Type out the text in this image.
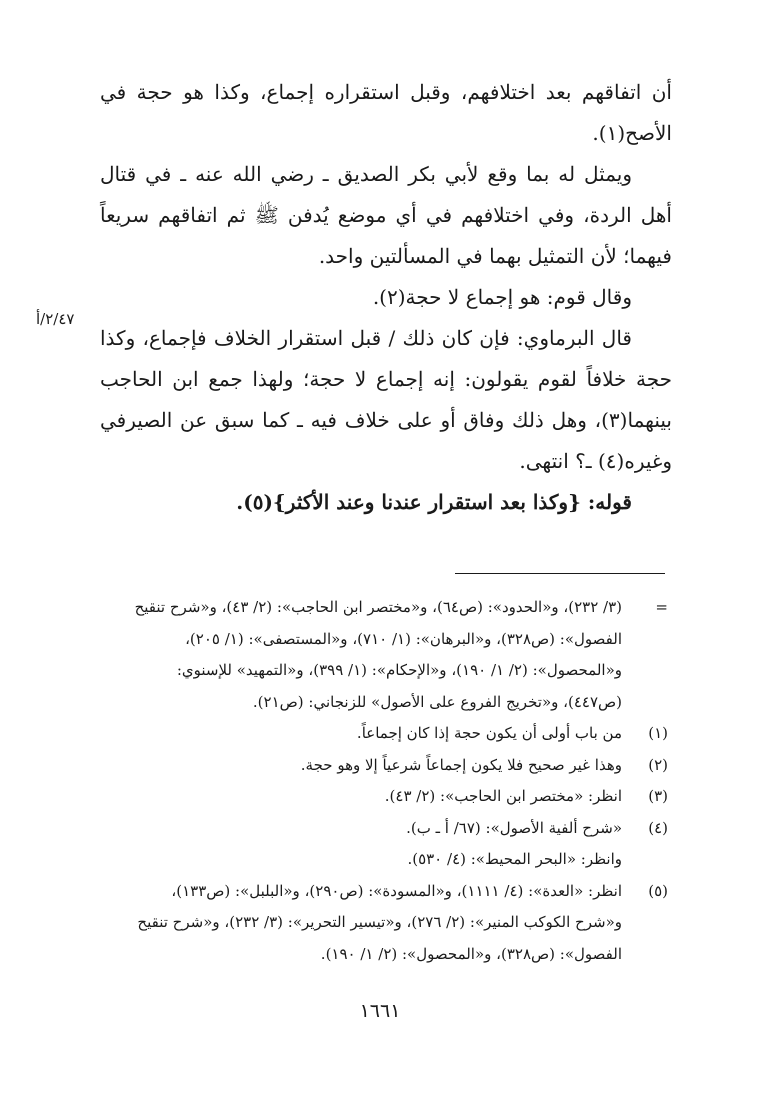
أن اتفاقهم بعد اختلافهم، وقبل استقراره إجماع، وكذا هو حجة في الأصح(١).

ويمثل له بما وقع لأبي بكر الصديق ـ رضي الله عنه ـ في قتال أهل الردة، وفي اختلافهم في أي موضع يُدفن ﷺ ثم اتفاقهم سريعاً فيهما؛ لأن التمثيل بهما في المسألتين واحد.

وقال قوم: هو إجماع لا حجة(٢).

قال البرماوي: فإن كان ذلك / قبل استقرار الخلاف فإجماع، وكذا حجة خلافاً لقوم يقولون: إنه إجماع لا حجة؛ ولهذا جمع ابن الحاجب بينهما(٣)، وهل ذلك وفاق أو على خلاف فيه ـ كما سبق عن الصيرفي وغيره(٤) ـ؟ انتهى.

قوله: {وكذا بعد استقرار عندنا وعند الأكثر}(٥).

٢/٤٧/أ
=
(٣/ ٢٣٢)، و«الحدود»: (ص٦٤)، و«مختصر ابن الحاجب»: (٢/ ٤٣)، و«شرح تنقيح
الفصول»: (ص٣٢٨)، و«البرهان»: (١/ ٧١٠)، و«المستصفى»: (١/ ٢٠٥)،
و«المحصول»: (٢/ ١/ ١٩٠)، و«الإحكام»: (١/ ٣٩٩)، و«التمهيد» للإسنوي:
(ص٤٤٧)، و«تخريج الفروع على الأصول» للزنجاني: (ص٢١).
(١)
من باب أولى أن يكون حجة إذا كان إجماعاً.
(٢)
وهذا غير صحيح فلا يكون إجماعاً شرعياً إلا وهو حجة.
(٣)
انظر: «مختصر ابن الحاجب»: (٢/ ٤٣).
(٤)
«شرح ألفية الأصول»: (٦٧/ أ ـ ب).
وانظر: «البحر المحيط»: (٤/ ٥٣٠).
(٥)
انظر: «العدة»: (٤/ ١١١١)، و«المسودة»: (ص٢٩٠)، و«البلبل»: (ص١٣٣)،
و«شرح الكوكب المنير»: (٢/ ٢٧٦)، و«تيسير التحرير»: (٣/ ٢٣٢)، و«شرح تنقيح
الفصول»: (ص٣٢٨)، و«المحصول»: (٢/ ١/ ١٩٠).
١٦٦١
